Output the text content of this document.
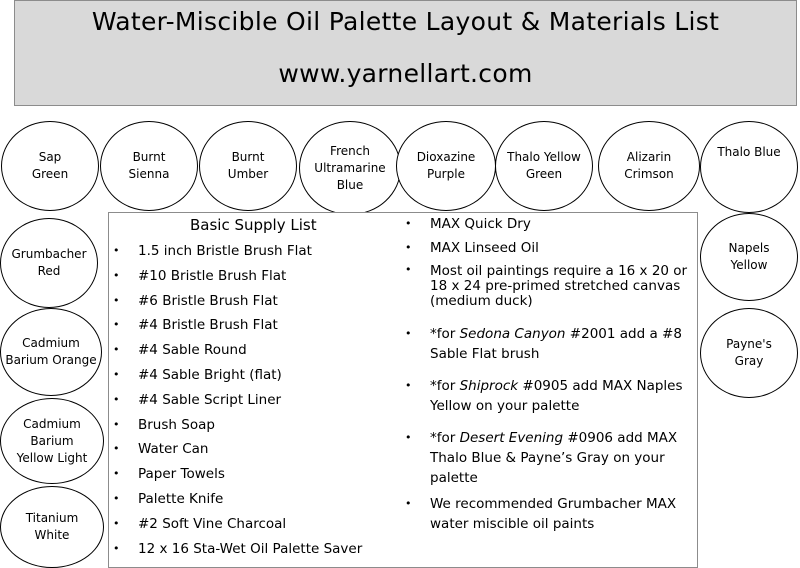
Water-Miscible Oil Palette Layout & Materials List
www.yarnellart.com
Sap
Green
Burnt
Sienna
Burnt
Umber
French
Ultramarine
Blue
Dioxazine
Purple
Thalo Yellow
Green
Alizarin
Crimson
Thalo Blue
Grumbacher
Red
Cadmium
Barium Orange
Cadmium
Barium
Yellow Light
Titanium
White
Napels
Yellow
Payne's
Gray
Basic Supply List
• 1.5 inch Bristle Brush Flat
• #10 Bristle Brush Flat
• #6 Bristle Brush Flat
• #4 Bristle Brush Flat
• #4 Sable Round
• #4 Sable Bright (flat)
• #4 Sable Script Liner
• Brush Soap
• Water Can
• Paper Towels
• Palette Knife
• #2 Soft Vine Charcoal
• 12 x 16 Sta-Wet Oil Palette Saver
• MAX Quick Dry
• MAX Linseed Oil
• Most oil paintings require a 16 x 20 or 18 x 24 pre-primed stretched canvas (medium duck)
• *for Sedona Canyon #2001 add a #8 Sable Flat brush
• *for Shiprock #0905 add MAX Naples Yellow on your palette
• *for Desert Evening #0906 add MAX Thalo Blue & Payne’s Gray on your palette
• We recommended Grumbacher MAX water miscible oil paints
